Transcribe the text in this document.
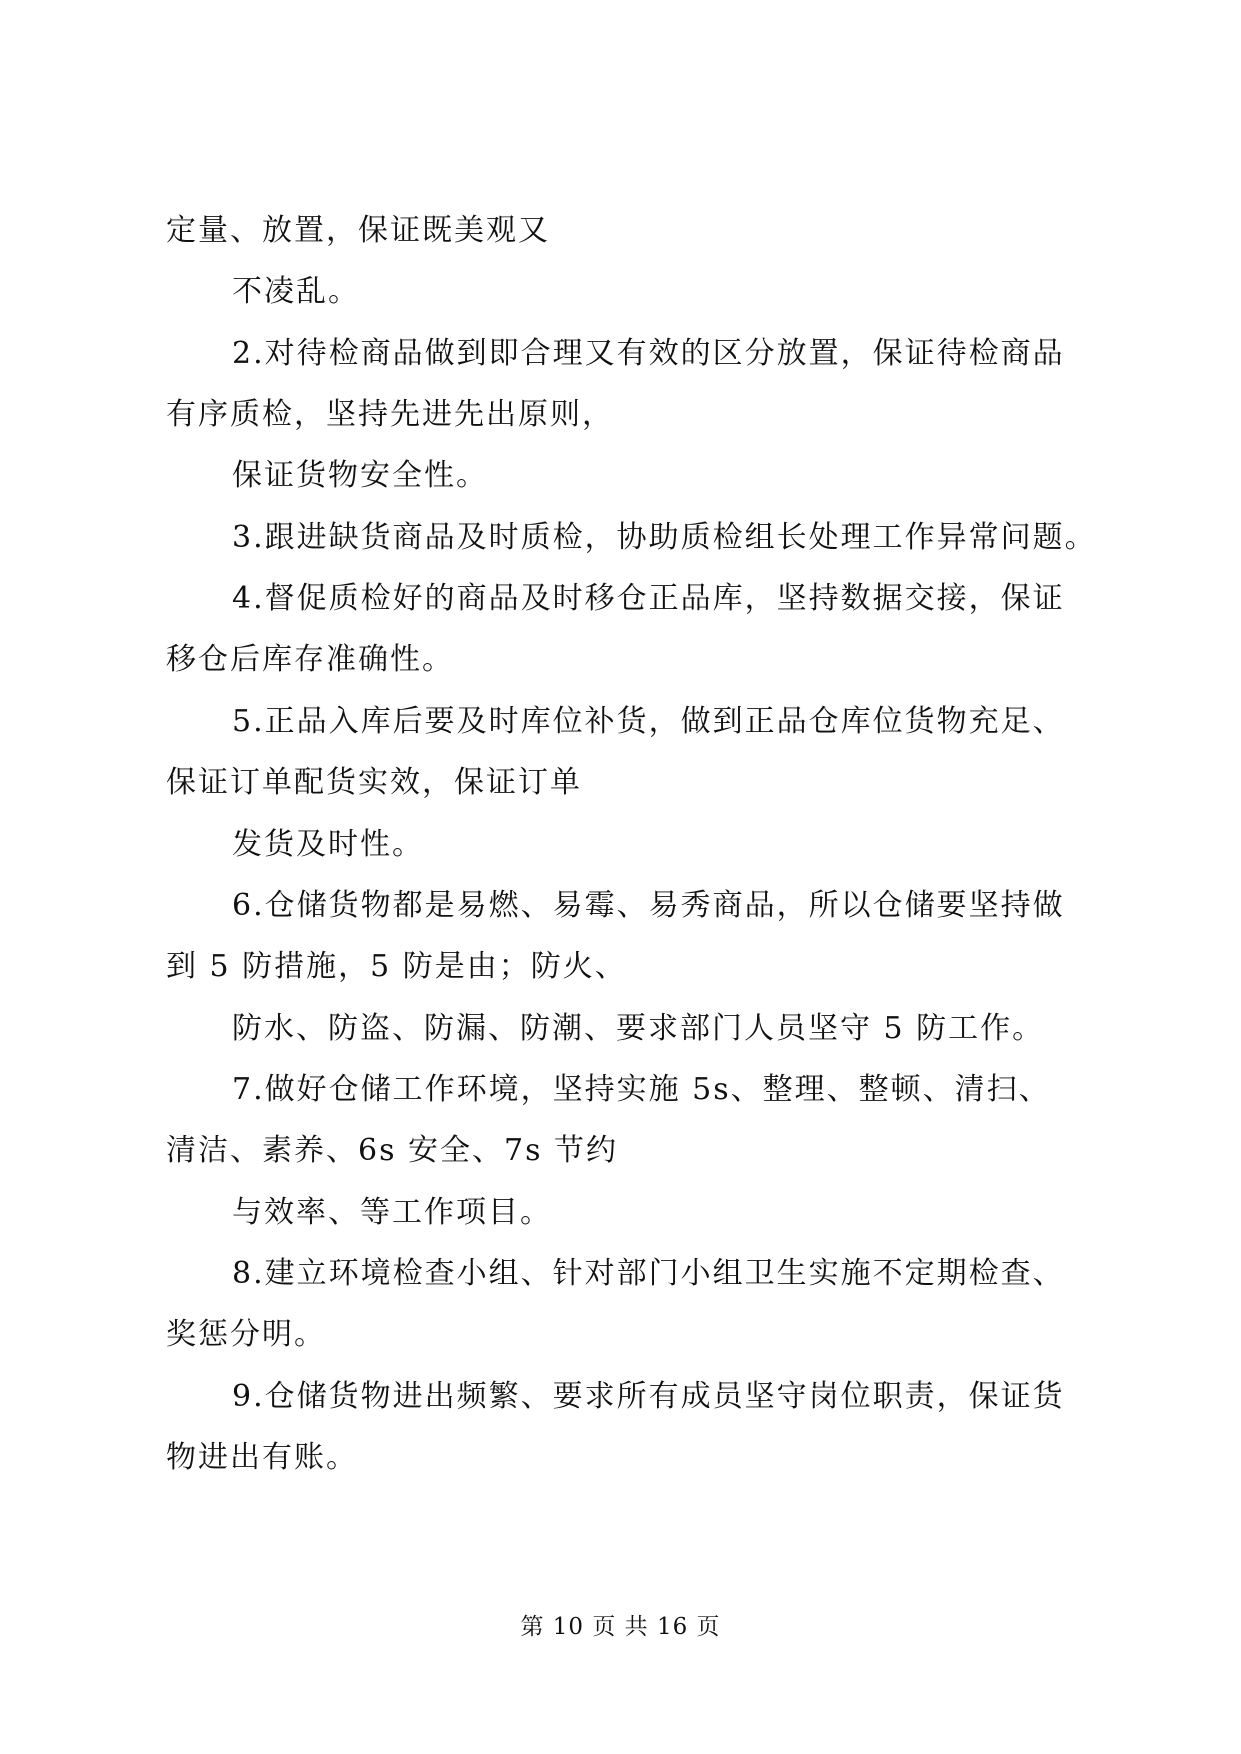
定量、放置，保证既美观又
不凌乱。
2.对待检商品做到即合理又有效的区分放置，保证待检商品
有序质检，坚持先进先出原则，
保证货物安全性。
3.跟进缺货商品及时质检，协助质检组长处理工作异常问题。
4.督促质检好的商品及时移仓正品库，坚持数据交接，保证
移仓后库存准确性。
5.正品入库后要及时库位补货，做到正品仓库位货物充足、
保证订单配货实效，保证订单
发货及时性。
6.仓储货物都是易燃、易霉、易秀商品，所以仓储要坚持做
到 5 防措施，5 防是由；防火、
防水、防盗、防漏、防潮、要求部门人员坚守 5 防工作。
7.做好仓储工作环境，坚持实施 5s、整理、整顿、清扫、
清洁、素养、6s 安全、7s 节约
与效率、等工作项目。
8.建立环境检查小组、针对部门小组卫生实施不定期检查、
奖惩分明。
9.仓储货物进出频繁、要求所有成员坚守岗位职责，保证货
物进出有账。
第 10 页 共 16 页
